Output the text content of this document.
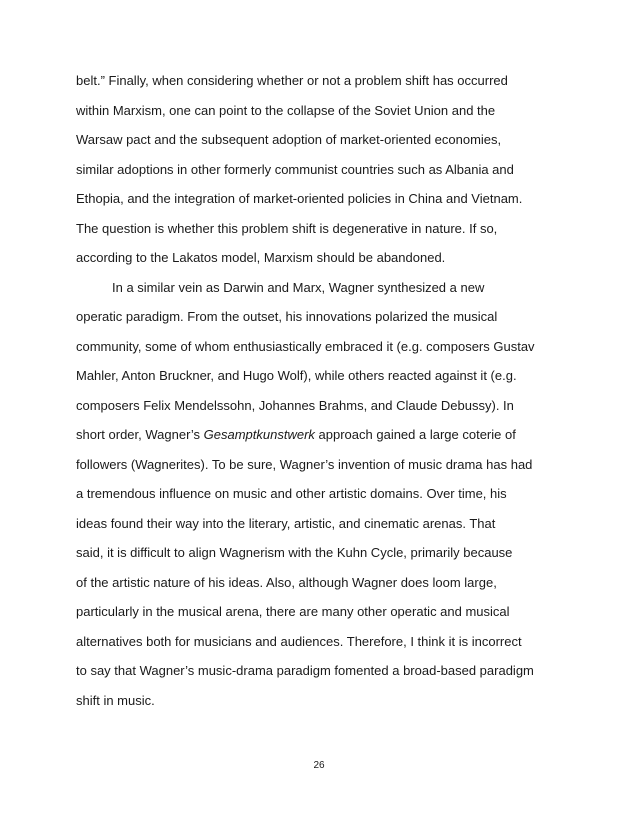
belt.” Finally, when considering whether or not a problem shift has occurred
within Marxism, one can point to the collapse of the Soviet Union and the
Warsaw pact and the subsequent adoption of market-oriented economies,
similar adoptions in other formerly communist countries such as Albania and
Ethopia, and the integration of market-oriented policies in China and Vietnam.
The question is whether this problem shift is degenerative in nature. If so,
according to the Lakatos model, Marxism should be abandoned.
In a similar vein as Darwin and Marx, Wagner synthesized a new
operatic paradigm. From the outset, his innovations polarized the musical
community, some of whom enthusiastically embraced it (e.g. composers Gustav
Mahler, Anton Bruckner, and Hugo Wolf), while others reacted against it (e.g.
composers Felix Mendelssohn, Johannes Brahms, and Claude Debussy). In
short order, Wagner’s Gesamptkunstwerk approach gained a large coterie of
followers (Wagnerites). To be sure, Wagner’s invention of music drama has had
a tremendous influence on music and other artistic domains. Over time, his
ideas found their way into the literary, artistic, and cinematic arenas. That
said, it is difficult to align Wagnerism with the Kuhn Cycle, primarily because
of the artistic nature of his ideas. Also, although Wagner does loom large,
particularly in the musical arena, there are many other operatic and musical
alternatives both for musicians and audiences. Therefore, I think it is incorrect
to say that Wagner’s music-drama paradigm fomented a broad-based paradigm
shift in music.
26
